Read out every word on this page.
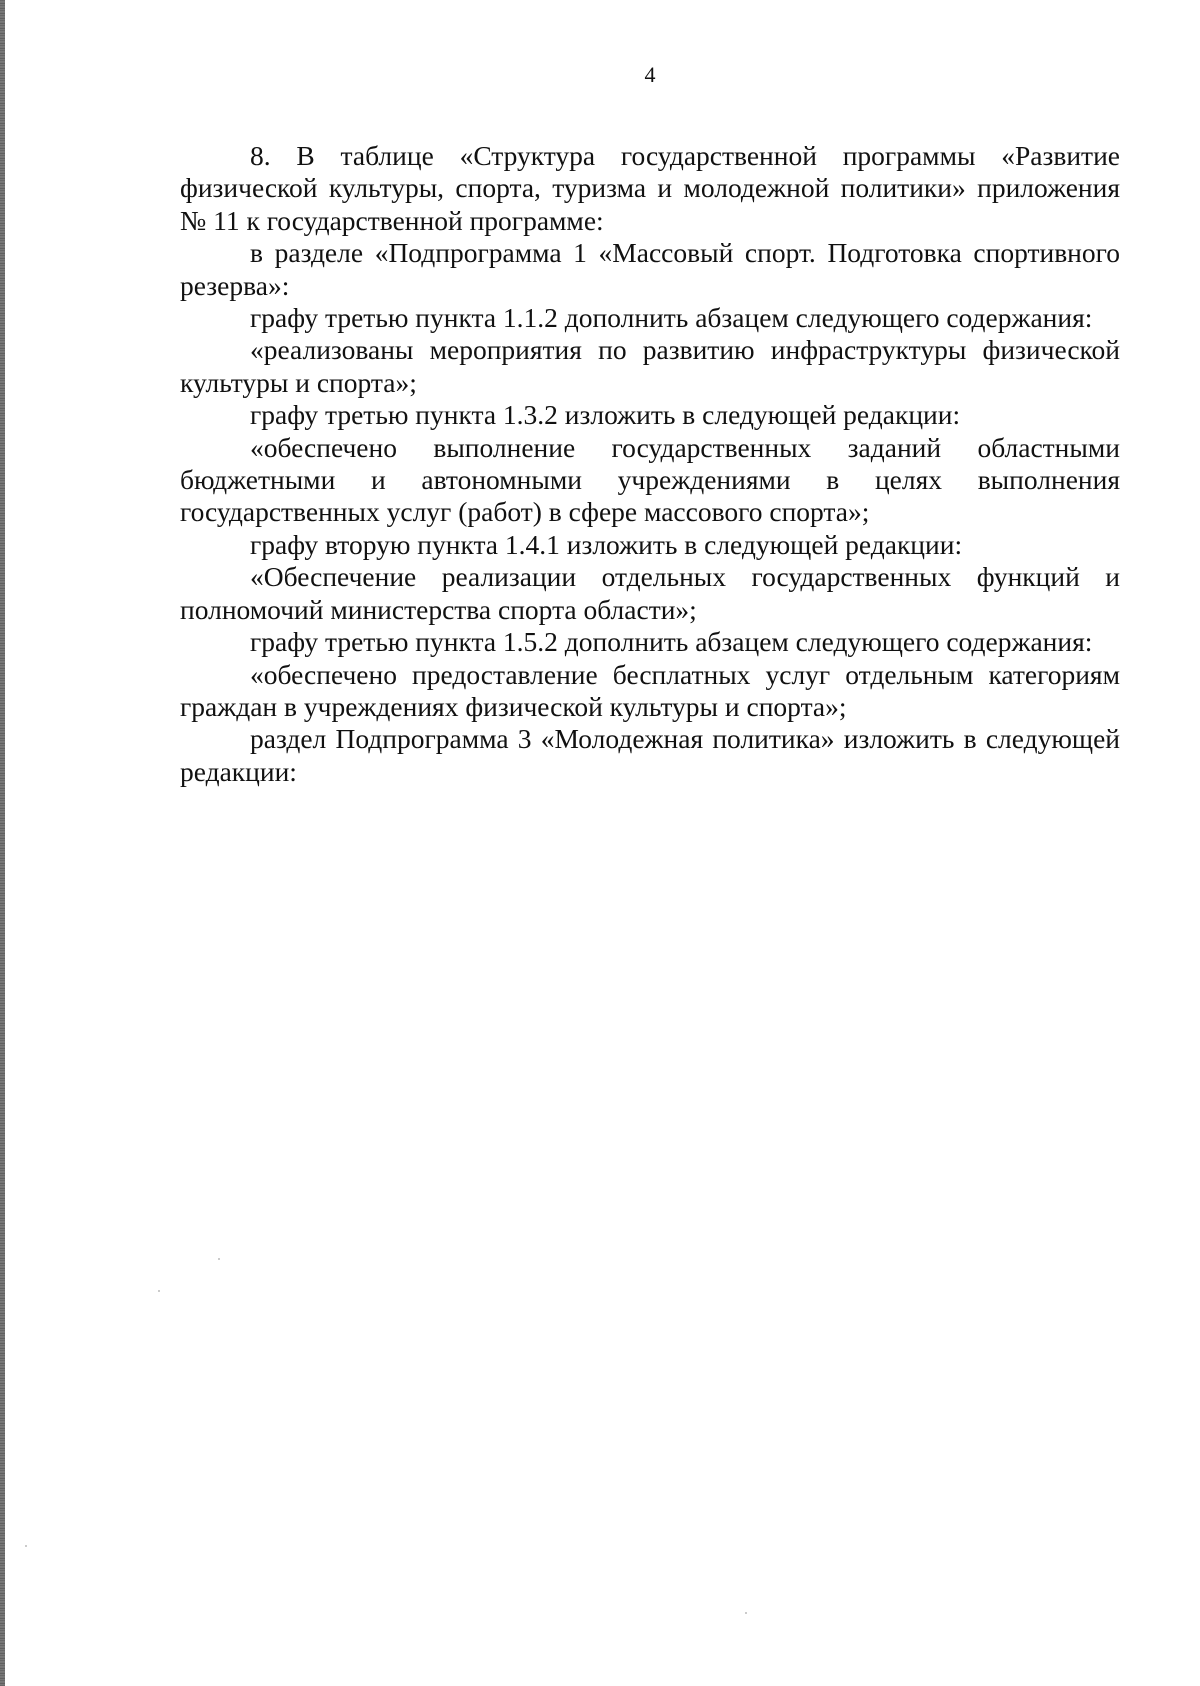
4

8. В таблице «Структура государственной программы «Развитие физической культуры, спорта, туризма и молодежной политики» приложения № 11 к государственной программе:

в разделе «Подпрограмма 1 «Массовый спорт. Подготовка спортивного резерва»:

графу третью пункта 1.1.2 дополнить абзацем следующего содержания:

«реализованы мероприятия по развитию инфраструктуры физической культуры и спорта»;

графу третью пункта 1.3.2 изложить в следующей редакции:

«обеспечено выполнение государственных заданий областными бюджетными и автономными учреждениями в целях выполнения государственных услуг (работ) в сфере массового спорта»;

графу вторую пункта 1.4.1 изложить в следующей редакции:

«Обеспечение реализации отдельных государственных функций и полномочий министерства спорта области»;

графу третью пункта 1.5.2 дополнить абзацем следующего содержания:

«обеспечено предоставление бесплатных услуг отдельным категориям граждан в учреждениях физической культуры и спорта»;

раздел Подпрограмма 3 «Молодежная политика» изложить в следующей редакции:
